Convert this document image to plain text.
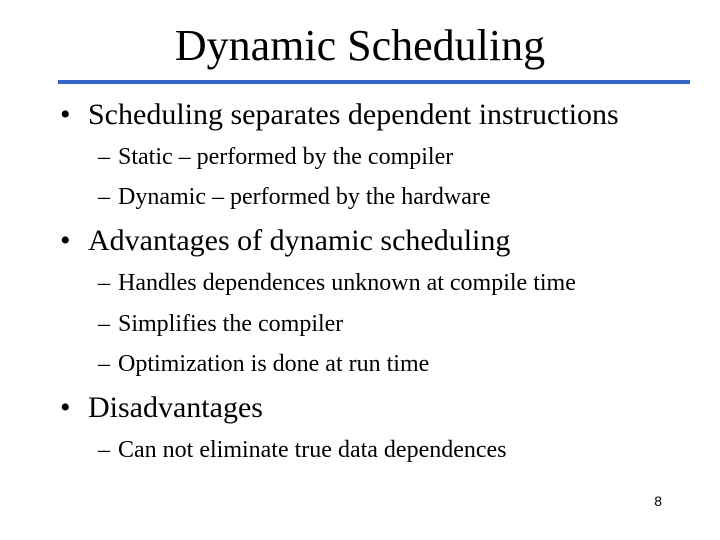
Dynamic Scheduling
• Scheduling separates dependent instructions
– Static – performed by the compiler
– Dynamic – performed by the hardware
• Advantages of dynamic scheduling
– Handles dependences unknown at compile time
– Simplifies the compiler
– Optimization is done at run time
• Disadvantages
– Can not eliminate true data dependences
8
